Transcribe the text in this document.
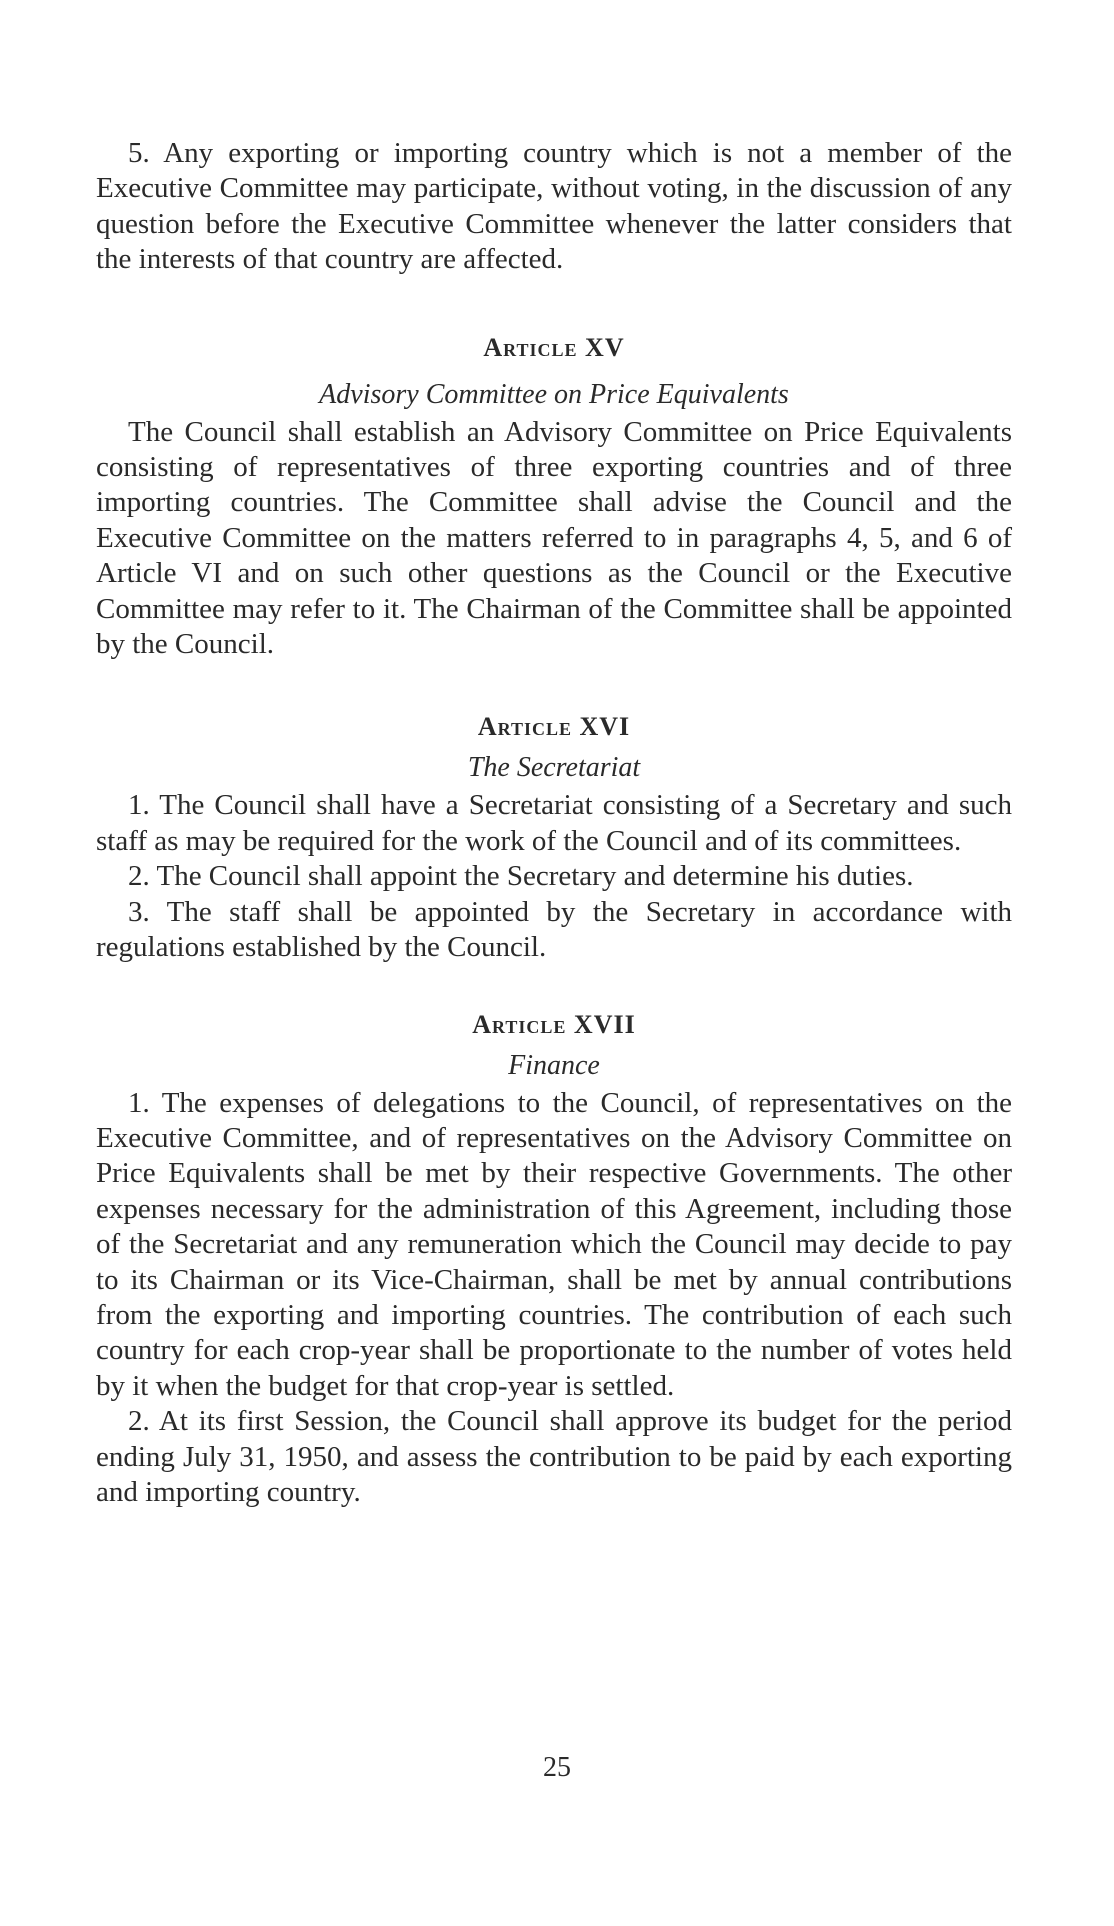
5. Any exporting or importing country which is not a member of the Executive Committee may participate, without voting, in the discussion of any question before the Executive Committee whenever the latter considers that the interests of that country are affected.

Article XV

Advisory Committee on Price Equivalents

The Council shall establish an Advisory Committee on Price Equivalents consisting of representatives of three exporting countries and of three importing countries. The Committee shall advise the Council and the Executive Committee on the matters referred to in paragraphs 4, 5, and 6 of Article VI and on such other questions as the Council or the Executive Committee may refer to it. The Chairman of the Committee shall be appointed by the Council.

Article XVI

The Secretariat

1. The Council shall have a Secretariat consisting of a Secretary and such staff as may be required for the work of the Council and of its committees.

2. The Council shall appoint the Secretary and determine his duties.

3. The staff shall be appointed by the Secretary in accordance with regulations established by the Council.

Article XVII

Finance

1. The expenses of delegations to the Council, of representatives on the Executive Committee, and of representatives on the Advisory Committee on Price Equivalents shall be met by their respective Governments. The other expenses necessary for the administration of this Agreement, including those of the Secretariat and any remuneration which the Council may decide to pay to its Chairman or its Vice-Chairman, shall be met by annual contributions from the exporting and importing countries. The contribution of each such country for each crop-year shall be proportionate to the number of votes held by it when the budget for that crop-year is settled.

2. At its first Session, the Council shall approve its budget for the period ending July 31, 1950, and assess the contribution to be paid by each exporting and importing country.

25
